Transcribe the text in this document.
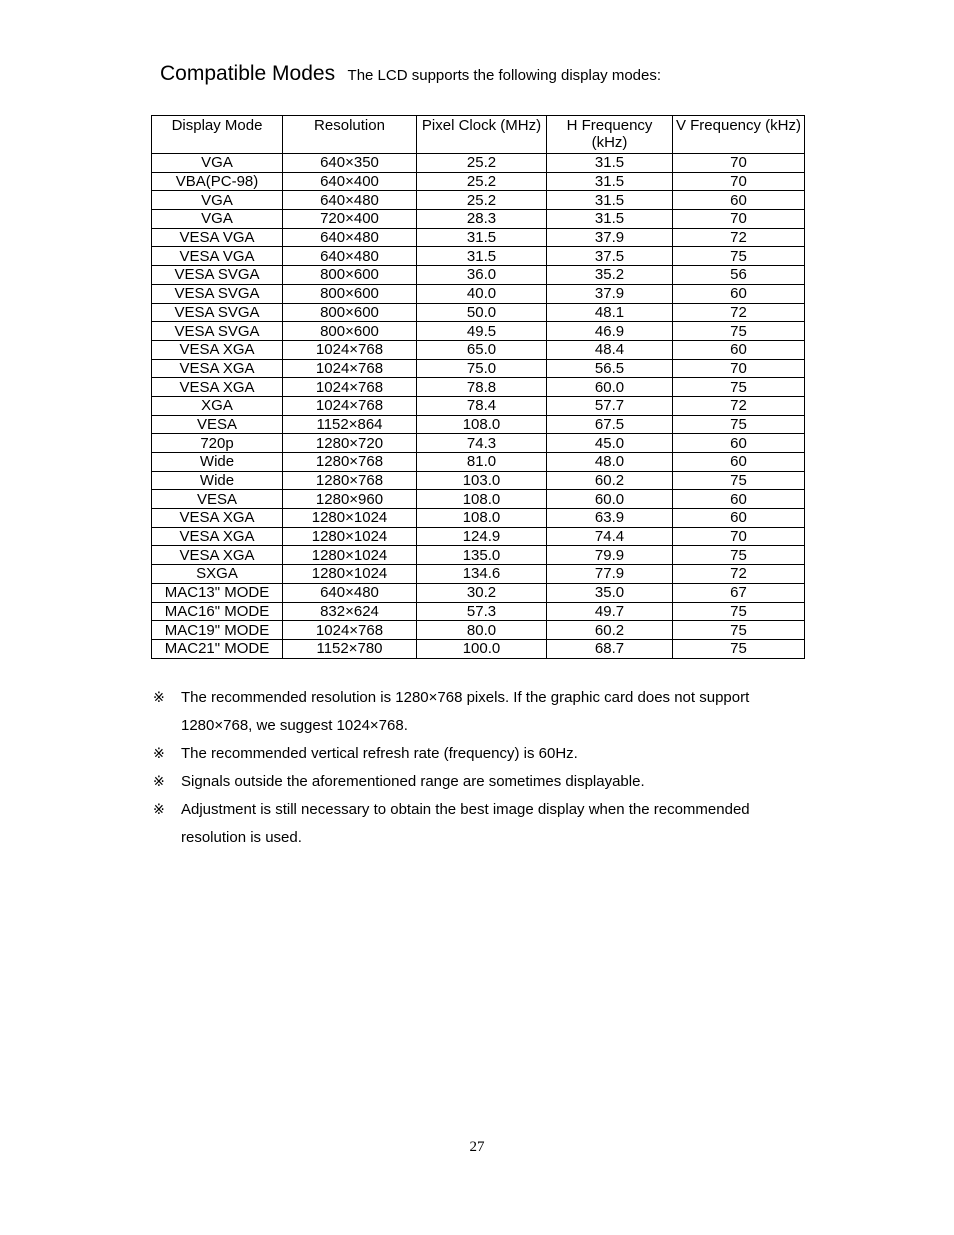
Compatible Modes The LCD supports the following display modes:
Display Mode	Resolution	Pixel Clock (MHz)	H Frequency (kHz)	V Frequency (kHz)
VGA	640×350	25.2	31.5	70
VBA(PC-98)	640×400	25.2	31.5	70
VGA	640×480	25.2	31.5	60
VGA	720×400	28.3	31.5	70
VESA VGA	640×480	31.5	37.9	72
VESA VGA	640×480	31.5	37.5	75
VESA SVGA	800×600	36.0	35.2	56
VESA SVGA	800×600	40.0	37.9	60
VESA SVGA	800×600	50.0	48.1	72
VESA SVGA	800×600	49.5	46.9	75
VESA XGA	1024×768	65.0	48.4	60
VESA XGA	1024×768	75.0	56.5	70
VESA XGA	1024×768	78.8	60.0	75
XGA	1024×768	78.4	57.7	72
VESA	1152×864	108.0	67.5	75
720p	1280×720	74.3	45.0	60
Wide	1280×768	81.0	48.0	60
Wide	1280×768	103.0	60.2	75
VESA	1280×960	108.0	60.0	60
VESA XGA	1280×1024	108.0	63.9	60
VESA XGA	1280×1024	124.9	74.4	70
VESA XGA	1280×1024	135.0	79.9	75
SXGA	1280×1024	134.6	77.9	72
MAC13" MODE	640×480	30.2	35.0	67
MAC16" MODE	832×624	57.3	49.7	75
MAC19" MODE	1024×768	80.0	60.2	75
MAC21" MODE	1152×780	100.0	68.7	75
※ The recommended resolution is 1280×768 pixels. If the graphic card does not support 1280×768, we suggest 1024×768.
※ The recommended vertical refresh rate (frequency) is 60Hz.
※ Signals outside the aforementioned range are sometimes displayable.
※ Adjustment is still necessary to obtain the best image display when the recommended resolution is used.
27
